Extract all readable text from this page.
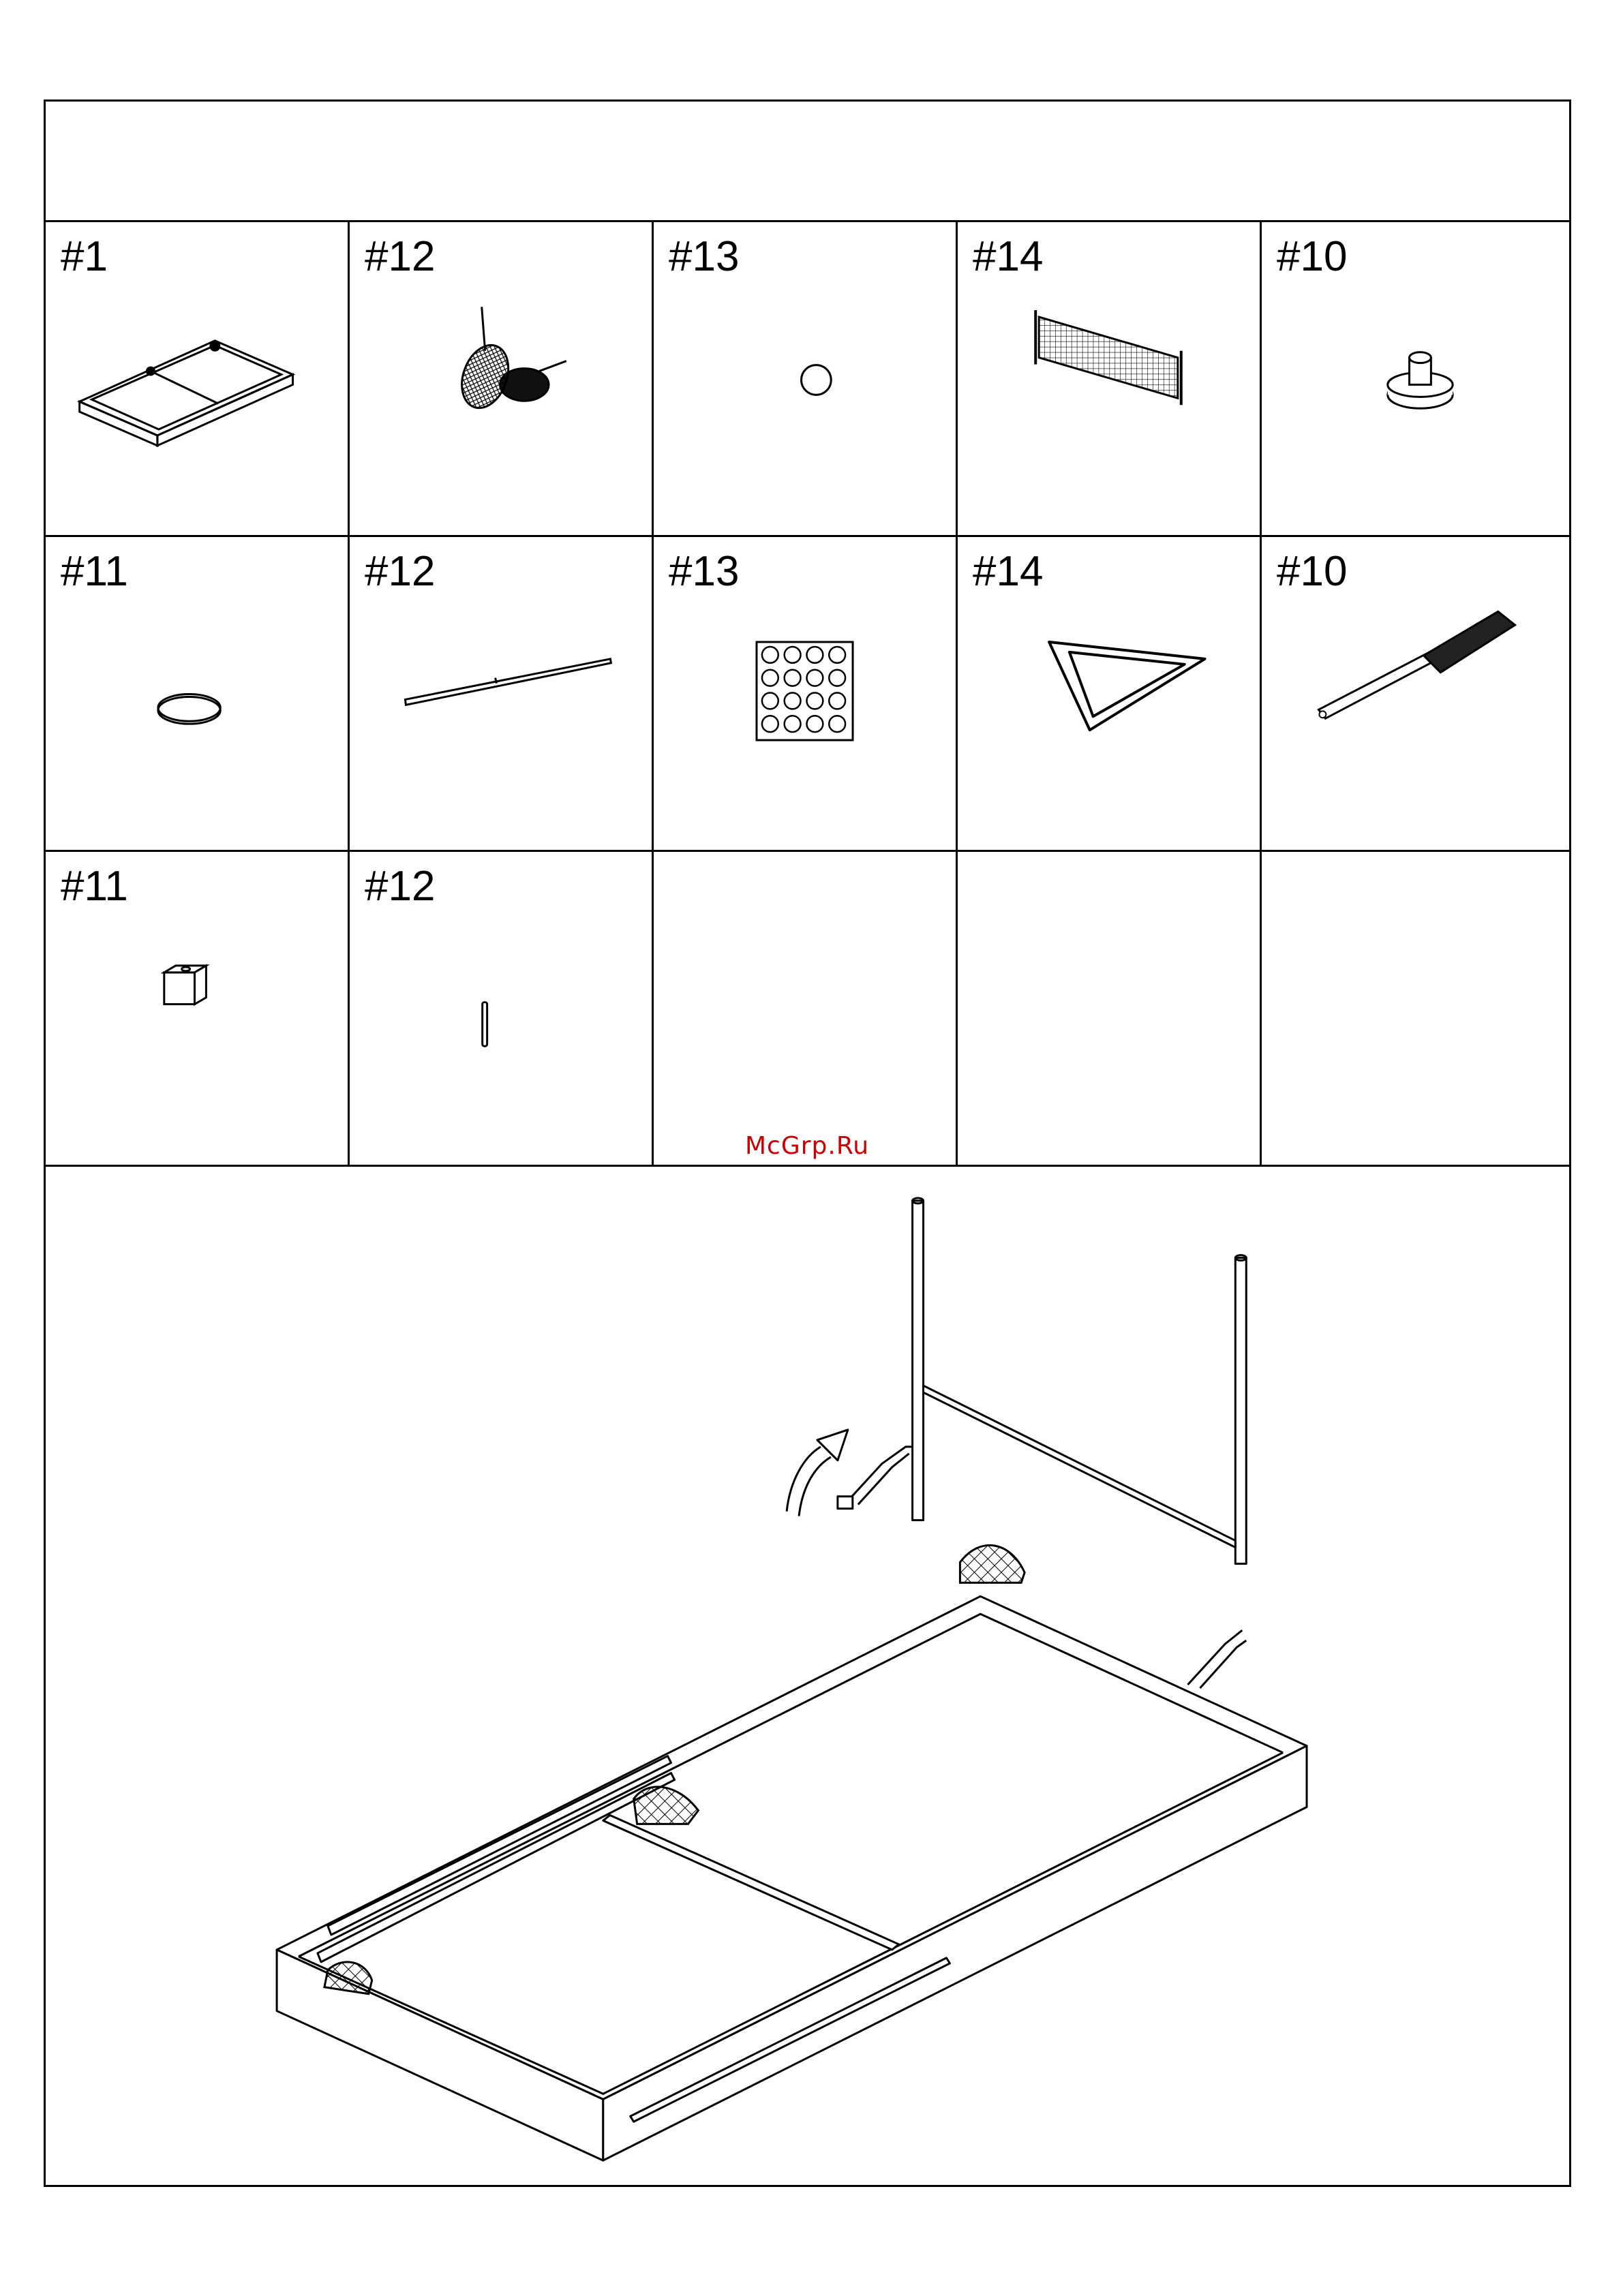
#1	#12	#13	#14	#10
#11	#12	#13	#14	#10
#11	#12
McGrp.Ru
